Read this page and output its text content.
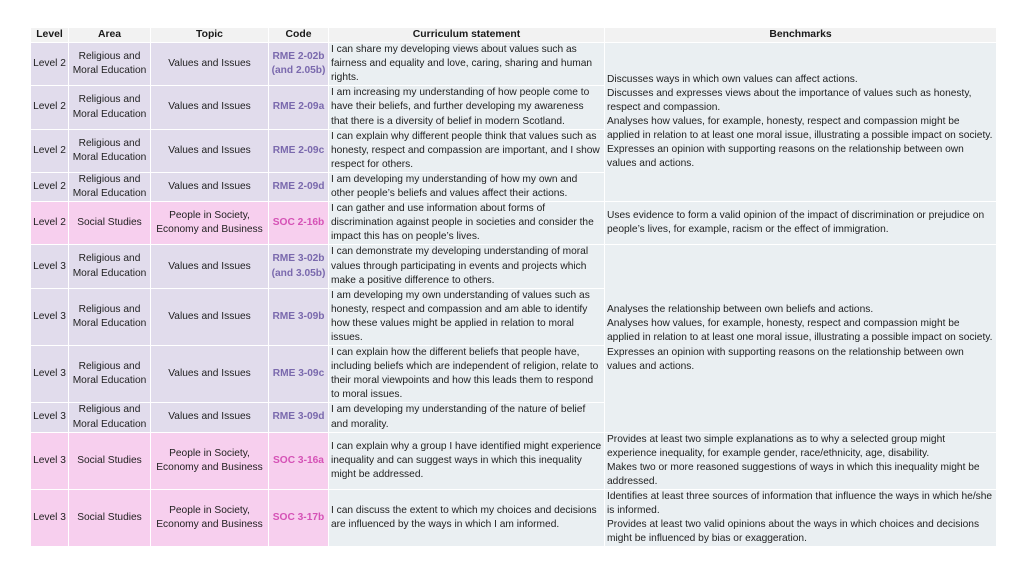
Level	Area	Topic	Code	Curriculum statement	Benchmarks
Level 2	Religious and Moral Education	Values and Issues	RME 2-02b (and 2.05b)	I can share my developing views about values such as fairness and equality and love, caring, sharing and human rights.	Discusses ways in which own values can affect actions.
Discusses and expresses views about the importance of values such as honesty, respect and compassion.
Analyses how values, for example, honesty, respect and compassion might be applied in relation to at least one moral issue, illustrating a possible impact on society.
Expresses an opinion with supporting reasons on the relationship between own values and actions.

Level 2	Religious and Moral Education	Values and Issues	RME 2-09a	I am increasing my understanding of how people come to have their beliefs, and further developing my awareness that there is a diversity of belief in modern Scotland.	
Level 2	Religious and Moral Education	Values and Issues	RME 2-09c	I can explain why different people think that values such as honesty, respect and compassion are important, and I show respect for others.	
Level 2	Religious and Moral Education	Values and Issues	RME 2-09d	I am developing my understanding of how my own and other people’s beliefs and values affect their actions.	
Level 2	Social Studies	People in Society, Economy and Business	SOC 2-16b	I can gather and use information about forms of discrimination against people in societies and consider the impact this has on people’s lives.	Uses evidence to form a valid opinion of the impact of discrimination or prejudice on people’s lives, for example, racism or the effect of immigration.

Level 3	Religious and Moral Education	Values and Issues	RME 3-02b (and 3.05b)	I can demonstrate my developing understanding of moral values through participating in events and projects which make a positive difference to others.	Analyses the relationship between own beliefs and actions.
Analyses how values, for example, honesty, respect and compassion might be applied in relation to at least one moral issue, illustrating a possible impact on society.
Expresses an opinion with supporting reasons on the relationship between own values and actions.

Level 3	Religious and Moral Education	Values and Issues	RME 3-09b	I am developing my own understanding of values such as honesty, respect and compassion and am able to identify how these values might be applied in relation to moral issues.	
Level 3	Religious and Moral Education	Values and Issues	RME 3-09c	I can explain how the different beliefs that people have, including beliefs which are independent of religion, relate to their moral viewpoints and how this leads them to respond to moral issues.	
Level 3	Religious and Moral Education	Values and Issues	RME 3-09d	I am developing my understanding of the nature of belief and morality.	
Level 3	Social Studies	People in Society, Economy and Business	SOC 3-16a	I can explain why a group I have identified might experience inequality and can suggest ways in which this inequality might be addressed.	Provides at least two simple explanations as to why a selected group might experience inequality, for example gender, race/ethnicity, age, disability.
Makes two or more reasoned suggestions of ways in which this inequality might be addressed.

Level 3	Social Studies	People in Society, Economy and Business	SOC 3-17b	I can discuss the extent to which my choices and decisions are influenced by the ways in which I am informed.	Identifies at least three sources of information that influence the ways in which he/she is informed.
Provides at least two valid opinions about the ways in which choices and decisions might be influenced by bias or exaggeration.
